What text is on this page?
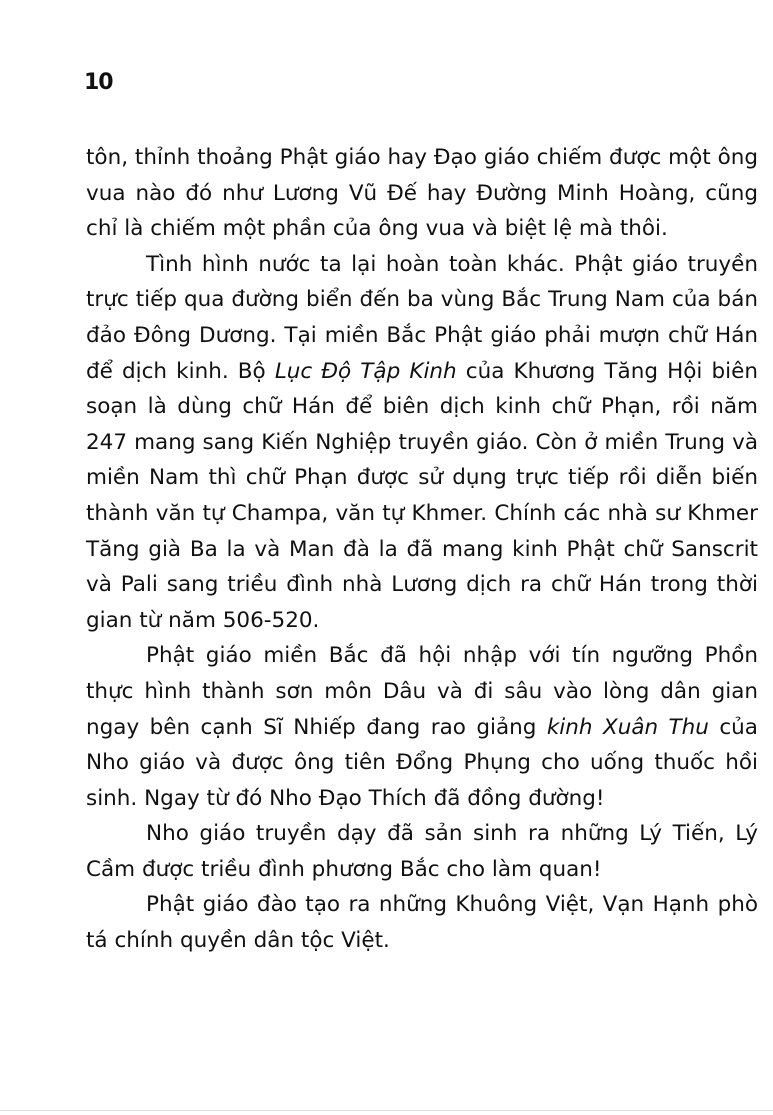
10

tôn, thỉnh thoảng Phật giáo hay Đạo giáo chiếm được một ông vua nào đó như Lương Vũ Đế hay Đường Minh Hoàng, cũng chỉ là chiếm một phần của ông vua và biệt lệ mà thôi.

Tình hình nước ta lại hoàn toàn khác. Phật giáo truyền trực tiếp qua đường biển đến ba vùng Bắc Trung Nam của bán đảo Đông Dương. Tại miền Bắc Phật giáo phải mượn chữ Hán để dịch kinh. Bộ Lục Độ Tập Kinh của Khương Tăng Hội biên soạn là dùng chữ Hán để biên dịch kinh chữ Phạn, rồi năm 247 mang sang Kiến Nghiệp truyền giáo. Còn ở miền Trung và miền Nam thì chữ Phạn được sử dụng trực tiếp rồi diễn biến thành văn tự Champa, văn tự Khmer. Chính các nhà sư Khmer Tăng già Ba la và Man đà la đã mang kinh Phật chữ Sanscrit và Pali sang triều đình nhà Lương dịch ra chữ Hán trong thời gian từ năm 506-520.

Phật giáo miền Bắc đã hội nhập với tín ngưỡng Phồn thực hình thành sơn môn Dâu và đi sâu vào lòng dân gian ngay bên cạnh Sĩ Nhiếp đang rao giảng kinh Xuân Thu của Nho giáo và được ông tiên Đổng Phụng cho uống thuốc hồi sinh. Ngay từ đó Nho Đạo Thích đã đồng đường!

Nho giáo truyền dạy đã sản sinh ra những Lý Tiến, Lý Cầm được triều đình phương Bắc cho làm quan!

Phật giáo đào tạo ra những Khuông Việt, Vạn Hạnh phò tá chính quyền dân tộc Việt.
